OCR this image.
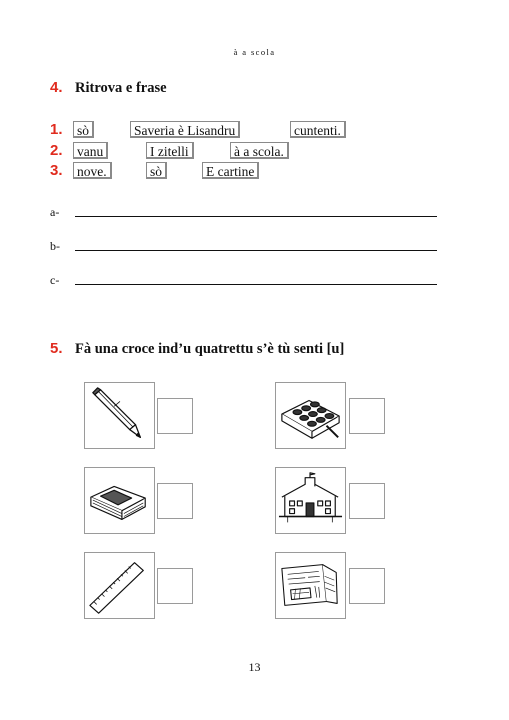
à a scola
4. Ritrova e frase
1. sò	Saveria è Lisandru	cuntenti.
2. vanu	I zitelli	à a scola.
3. nove.	sò	E cartine
a-
b-
c-
5. Fà una croce ind’u quatrettu s’è tù senti [u]
13
